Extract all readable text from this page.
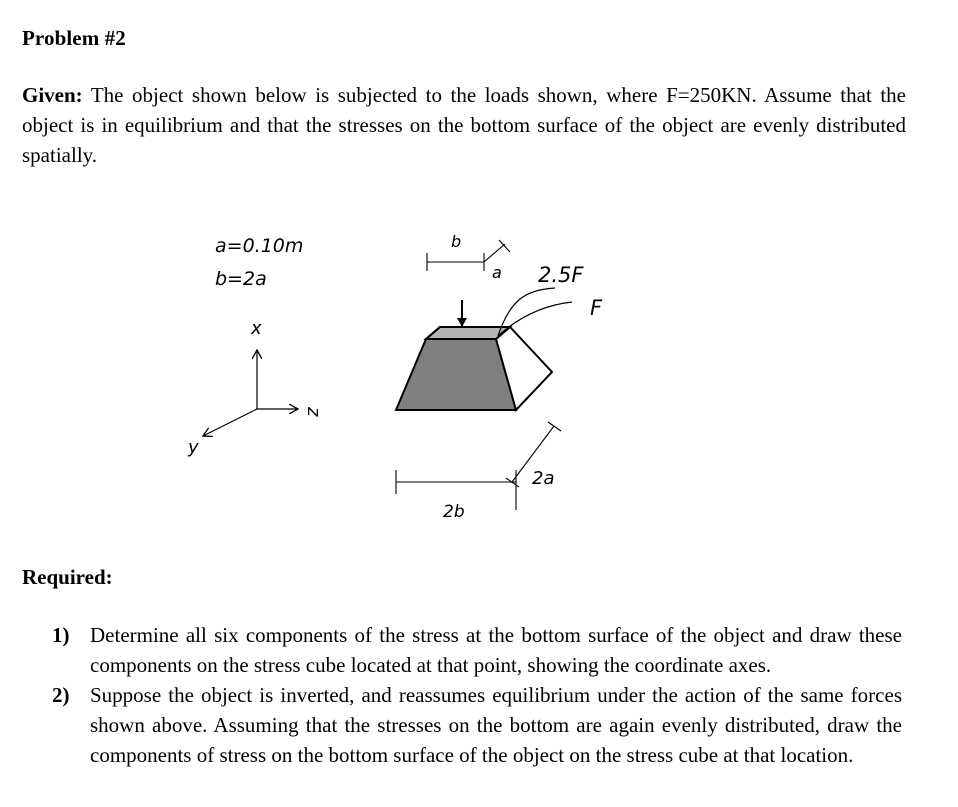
Problem #2
Given: The object shown below is subjected to the loads shown, where F=250KN. Assume that the object is in equilibrium and that the stresses on the bottom surface of the object are evenly distributed spatially.
a=0.10m
b=2a
x
z
y
b
a 2.5F
F
2a
2b
Required:
1) Determine all six components of the stress at the bottom surface of the object and draw these components on the stress cube located at that point, showing the coordinate axes.
2) Suppose the object is inverted, and reassumes equilibrium under the action of the same forces shown above. Assuming that the stresses on the bottom are again evenly distributed, draw the components of stress on the bottom surface of the object on the stress cube at that location.
